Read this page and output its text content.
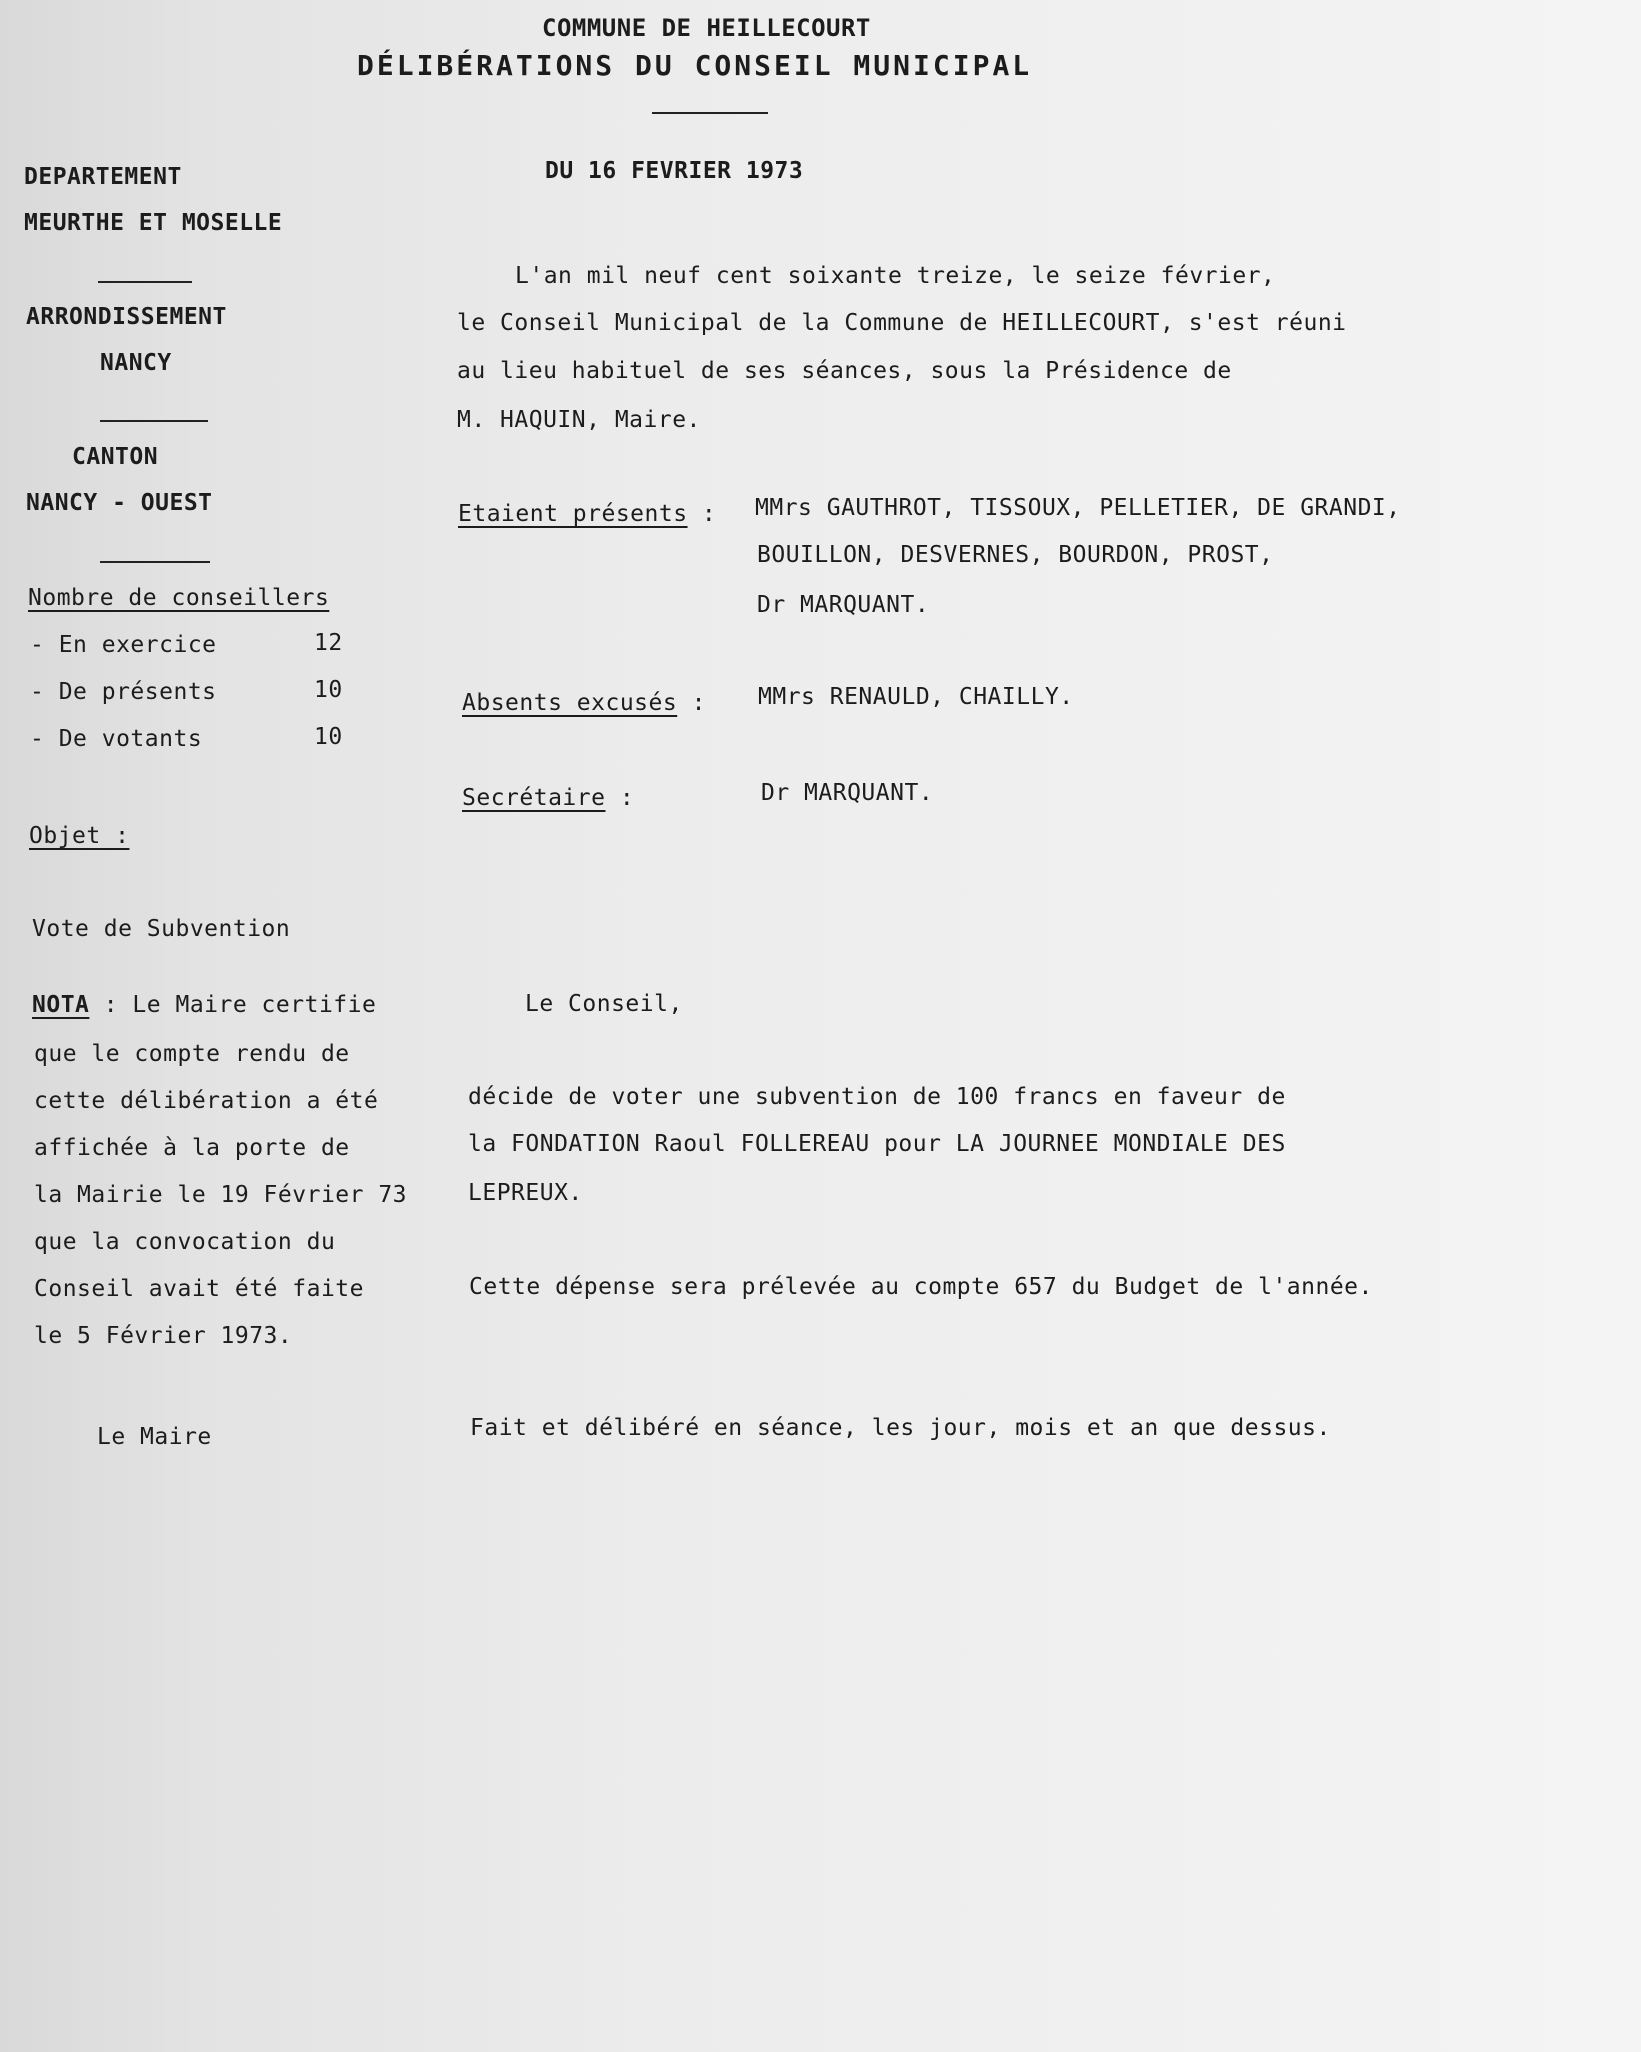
COMMUNE DE HEILLECOURT
DÉLIBÉRATIONS DU CONSEIL MUNICIPAL
DU 16 FEVRIER 1973
DEPARTEMENT
MEURTHE ET MOSELLE
ARRONDISSEMENT
NANCY
CANTON
NANCY - OUEST
Nombre de conseillers
- En exercice	12
- De présents	10
- De votants	10
Objet :
Vote de Subvention
NOTA : Le Maire certifie
que le compte rendu de
cette délibération a été
affichée à la porte de
la Mairie le 19 Février 73
que la convocation du
Conseil avait été faite
le 5 Février 1973.
Le Maire
L'an mil neuf cent soixante treize, le seize février,
le Conseil Municipal de la Commune de HEILLECOURT, s'est réuni
au lieu habituel de ses séances, sous la Présidence de
M. HAQUIN, Maire.
Etaient présents : MMrs GAUTHROT, TISSOUX, PELLETIER, DE GRANDI,
BOUILLON, DESVERNES, BOURDON, PROST,
Dr MARQUANT.
Absents excusés : MMrs RENAULD, CHAILLY.
Secrétaire :	Dr MARQUANT.
Le Conseil,
décide de voter une subvention de 100 francs en faveur de
la FONDATION Raoul FOLLEREAU pour LA JOURNEE MONDIALE DES
LEPREUX.
Cette dépense sera prélevée au compte 657 du Budget de l'année.
Fait et délibéré en séance, les jour, mois et an que dessus.
